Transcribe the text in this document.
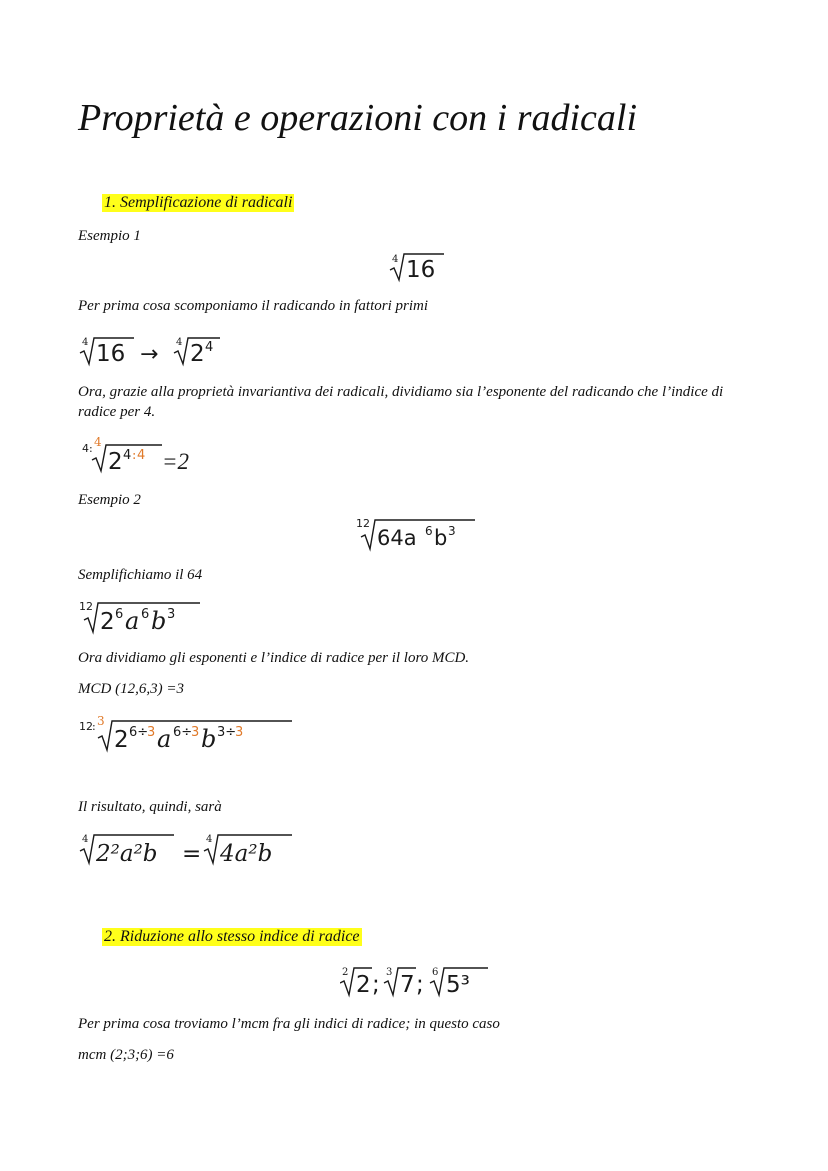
Proprietà e operazioni con i radicali
1. Semplificazione di radicali
Esempio 1
4 16
Per prima cosa scomponiamo il radicando in fattori primi
4 16 → 4 2 4
Ora, grazie alla proprietà invariantiva dei radicali, dividiamo sia l’esponente del radicando che l’indice di radice per 4.
4 : 4
2 4 : 4 =2
Esempio 2
12
64a 6 b 3
Semplifichiamo il 64
12
2 6 a 6 b 3
Ora dividiamo gli esponenti e l’indice di radice per il loro MCD.
MCD (12,6,3) =3
12 : 3
2 6÷
3 a 6÷
3 b 3÷
3
Il risultato, quindi, sarà
4
2²a²b =
4
4a²b
2. Riduzione allo stesso indice di radice
2 2 ; 3 7 ; 6 5³
Per prima cosa troviamo l’mcm fra gli indici di radice; in questo caso
mcm (2;3;6) =6
